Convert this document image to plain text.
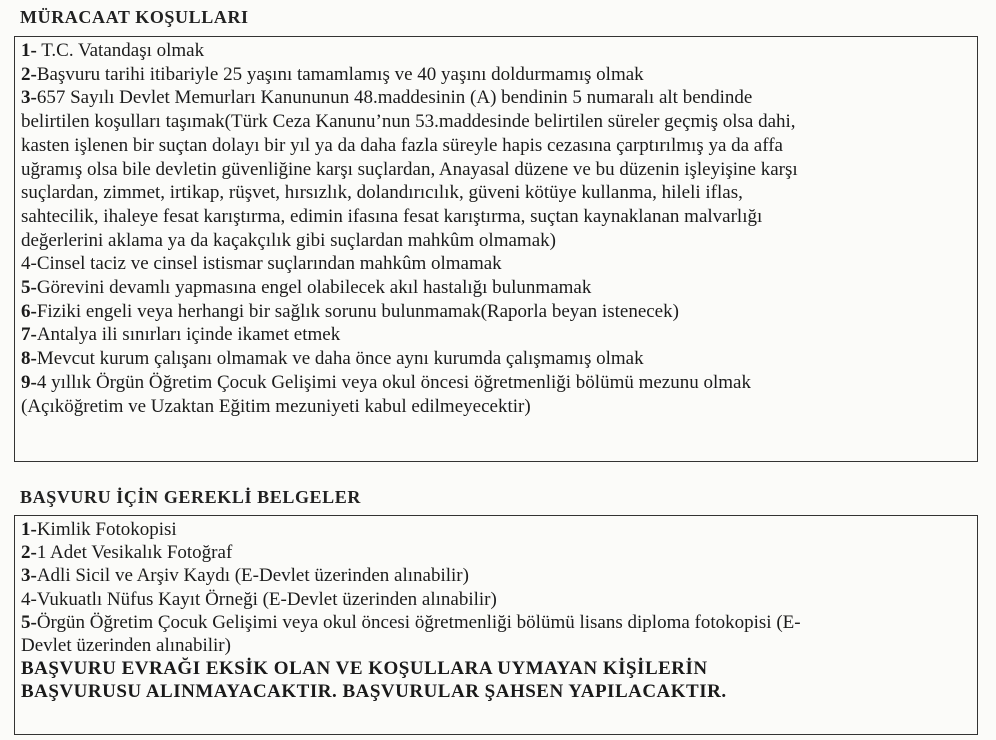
MÜRACAAT KOŞULLARI
1- T.C. Vatandaşı olmak
2-Başvuru tarihi itibariyle 25 yaşını tamamlamış ve 40 yaşını doldurmamış olmak
3-657 Sayılı Devlet Memurları Kanununun 48.maddesinin (A) bendinin 5 numaralı alt bendinde
belirtilen koşulları taşımak(Türk Ceza Kanunu’nun 53.maddesinde belirtilen süreler geçmiş olsa dahi,
kasten işlenen bir suçtan dolayı bir yıl ya da daha fazla süreyle hapis cezasına çarptırılmış ya da affa
uğramış olsa bile devletin güvenliğine karşı suçlardan, Anayasal düzene ve bu düzenin işleyişine karşı
suçlardan, zimmet, irtikap, rüşvet, hırsızlık, dolandırıcılık, güveni kötüye kullanma, hileli iflas,
sahtecilik, ihaleye fesat karıştırma, edimin ifasına fesat karıştırma, suçtan kaynaklanan malvarlığı
değerlerini aklama ya da kaçakçılık gibi suçlardan mahkûm olmamak)
4-Cinsel taciz ve cinsel istismar suçlarından mahkûm olmamak
5-Görevini devamlı yapmasına engel olabilecek akıl hastalığı bulunmamak
6-Fiziki engeli veya herhangi bir sağlık sorunu bulunmamak(Raporla beyan istenecek)
7-Antalya ili sınırları içinde ikamet etmek
8-Mevcut kurum çalışanı olmamak ve daha önce aynı kurumda çalışmamış olmak
9-4 yıllık Örgün Öğretim Çocuk Gelişimi veya okul öncesi öğretmenliği bölümü mezunu olmak
(Açıköğretim ve Uzaktan Eğitim mezuniyeti kabul edilmeyecektir)
BAŞVURU İÇİN GEREKLİ BELGELER
1-Kimlik Fotokopisi
2-1 Adet Vesikalık Fotoğraf
3-Adli Sicil ve Arşiv Kaydı (E-Devlet üzerinden alınabilir)
4-Vukuatlı Nüfus Kayıt Örneği (E-Devlet üzerinden alınabilir)
5-Örgün Öğretim Çocuk Gelişimi veya okul öncesi öğretmenliği bölümü lisans diploma fotokopisi (E-
Devlet üzerinden alınabilir)
BAŞVURU EVRAĞI EKSİK OLAN VE KOŞULLARA UYMAYAN KİŞİLERİN
BAŞVURUSU ALINMAYACAKTIR. BAŞVURULAR ŞAHSEN YAPILACAKTIR.
